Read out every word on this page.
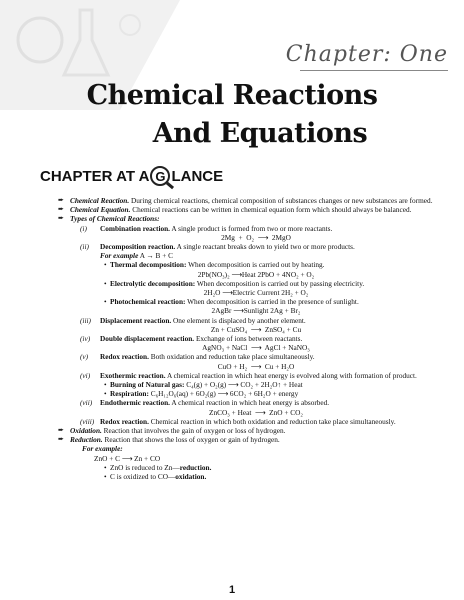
Chapter: One
Chemical Reactions
And Equations
CHAPTER AT A G LANCE
➨ Chemical Reaction. During chemical reactions, chemical composition of substances changes or new substances are formed.
➨ Chemical Equation. Chemical reactions can be written in chemical equation form which should always be balanced.
➨ Types of Chemical Reactions:
(i) Combination reaction. A single product is formed from two or more reactants.
2Mg  +  O₂  ⟶  2MgO
(ii) Decomposition reaction. A single reactant breaks down to yield two or more products.
For example A → B + C
• Thermal decomposition: When decomposition is carried out by heating.
2Pb(NO₃)₂ ⟶Heat 2PbO + 4NO₂ + O₂
• Electrolytic decomposition: When decomposition is carried out by passing electricity.
2H₂O ⟶Electric Current 2H₂ + O₂
• Photochemical reaction: When decomposition is carried in the presence of sunlight.
2AgBr ⟶Sunlight 2Ag + Br₂
(iii) Displacement reaction. One element is displaced by another element.
Zn + CuSO₄  ⟶  ZnSO₄ + Cu
(iv) Double displacement reaction. Exchange of ions between reactants.
AgNO₃ + NaCl  ⟶  AgCl + NaNO₃
(v) Redox reaction. Both oxidation and reduction take place simultaneously.
CuO + H₂  ⟶  Cu + H₂O
(vi) Exothermic reaction. A chemical reaction in which heat energy is evolved along with formation of product.
• Burning of Natural gas: C₄(g) + O₂(g) ⟶ CO₂ + 2H₂O↑ + Heat
• Respiration: C₆H₁₂O₆(aq) + 6O₂(g) ⟶ 6CO₂ + 6H₂O + energy
(vii) Endothermic reaction. A chemical reaction in which heat energy is absorbed.
ZnCO₃ + Heat  ⟶  ZnO + CO₂
(viii) Redox reaction. Chemical reaction in which both oxidation and reduction take place simultaneously.
➨ Oxidation. Reaction that involves the gain of oxygen or loss of hydrogen.
➨ Reduction. Reaction that shows the loss of oxygen or gain of hydrogen.
For example:
ZnO + C ⟶ Zn + CO
• ZnO is reduced to Zn—reduction.
• C is oxidized to CO—oxidation.
1
